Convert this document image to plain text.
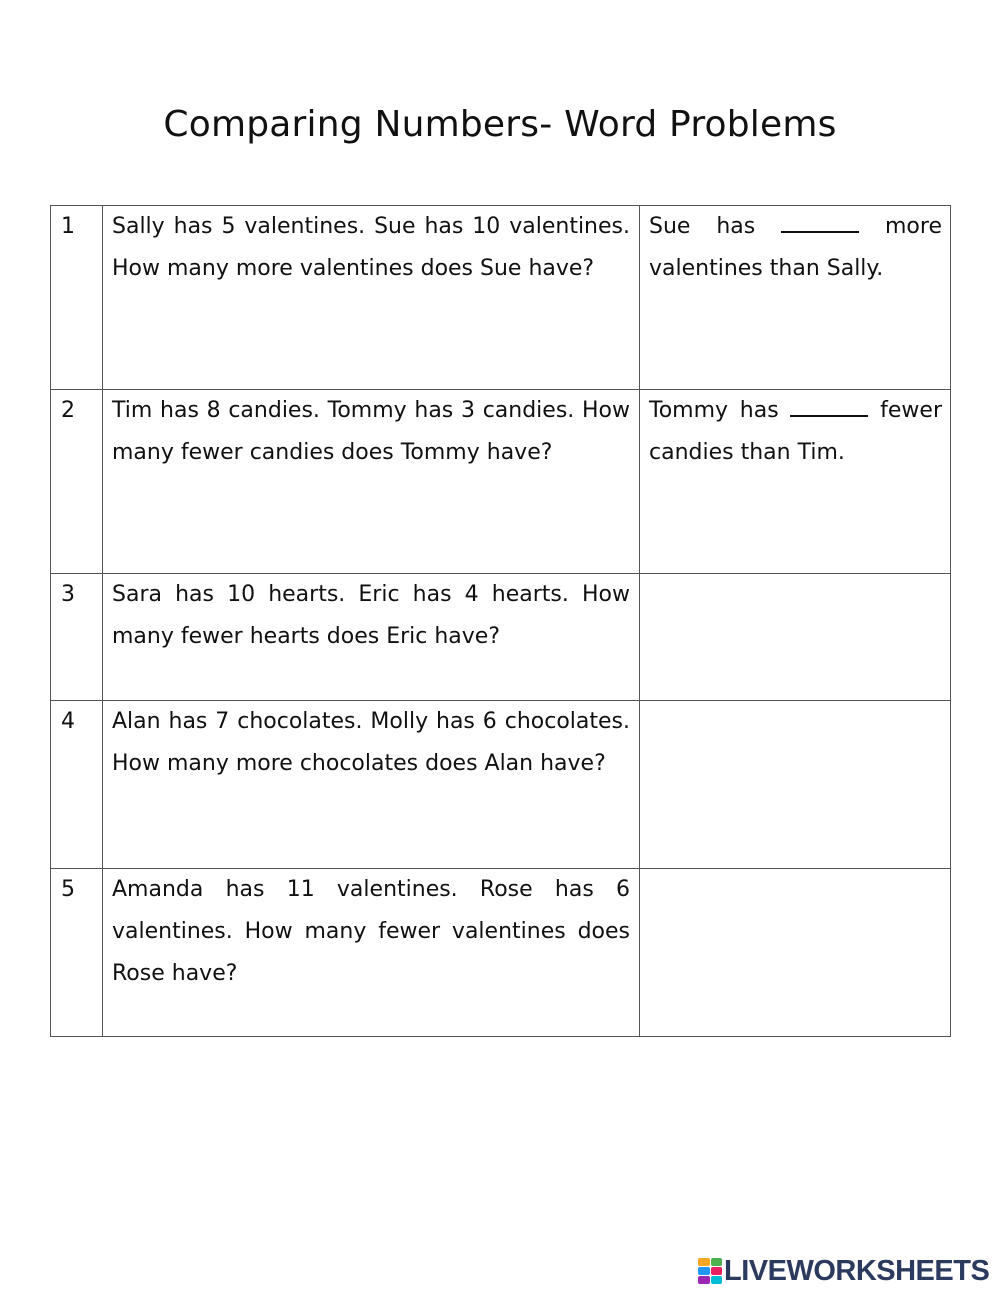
Comparing Numbers- Word Problems
1	Sally has 5 valentines. Sue has 10 valentines. How many more valentines does Sue have?	Sue has more valentines than Sally.

2	Tim has 8 candies. Tommy has 3 candies. How many fewer candies does Tommy have?	Tommy has fewer candies than Tim.

3	Sara has 10 hearts. Eric has 4 hearts. How many fewer hearts does Eric have?	

4	Alan has 7 chocolates. Molly has 6 chocolates. How many more chocolates does Alan have?	

5	Amanda has 11 valentines. Rose has 6 valentines. How many fewer valentines does Rose have?	

LIVEWORKSHEETS
